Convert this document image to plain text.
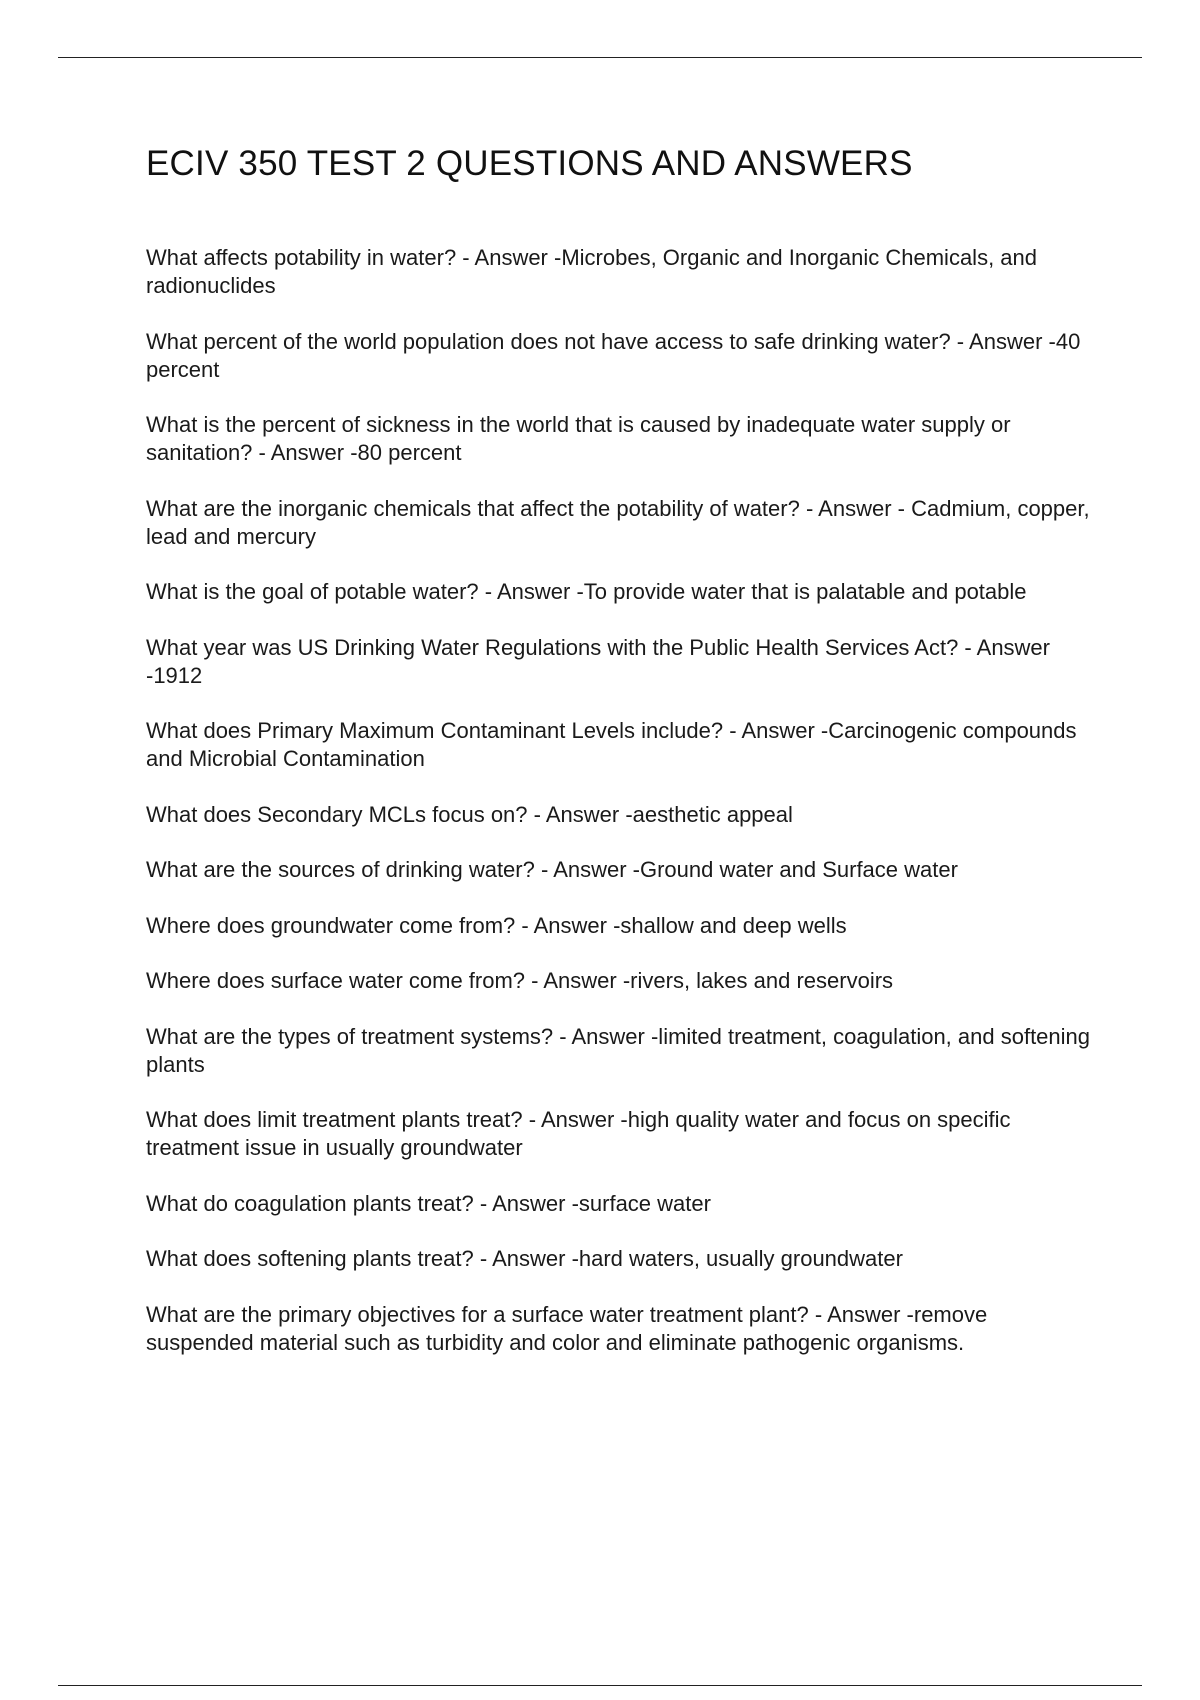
ECIV 350 TEST 2 QUESTIONS AND ANSWERS
What affects potability in water? - Answer -Microbes, Organic and Inorganic Chemicals, and radionuclides
What percent of the world population does not have access to safe drinking water? - Answer -40 percent
What is the percent of sickness in the world that is caused by inadequate water supply or sanitation? - Answer -80 percent
What are the inorganic chemicals that affect the potability of water? - Answer - Cadmium, copper, lead and mercury
What is the goal of potable water? - Answer -To provide water that is palatable and potable
What year was US Drinking Water Regulations with the Public Health Services Act? - Answer -1912
What does Primary Maximum Contaminant Levels include? - Answer -Carcinogenic compounds and Microbial Contamination
What does Secondary MCLs focus on? - Answer -aesthetic appeal
What are the sources of drinking water? - Answer -Ground water and Surface water
Where does groundwater come from? - Answer -shallow and deep wells
Where does surface water come from? - Answer -rivers, lakes and reservoirs
What are the types of treatment systems? - Answer -limited treatment, coagulation, and softening plants
What does limit treatment plants treat? - Answer -high quality water and focus on specific treatment issue in usually groundwater
What do coagulation plants treat? - Answer -surface water
What does softening plants treat? - Answer -hard waters, usually groundwater
What are the primary objectives for a surface water treatment plant? - Answer -remove suspended material such as turbidity and color and eliminate pathogenic organisms.
